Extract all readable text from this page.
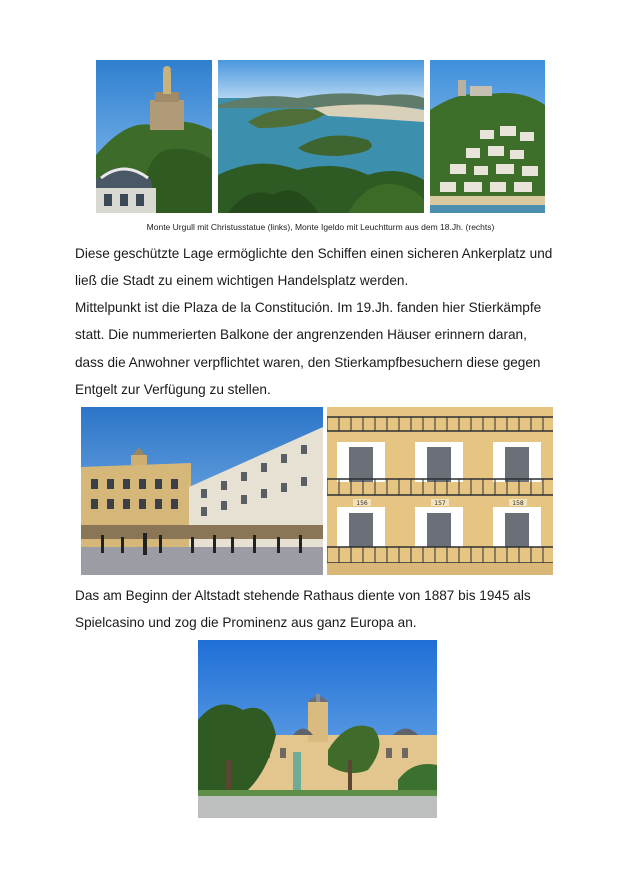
Monte Urgull mit Christusstatue (links), Monte Igeldo mit Leuchtturm aus dem 18.Jh. (rechts)
Diese geschützte Lage ermöglichte den Schiffen einen sicheren Ankerplatz und
ließ die Stadt zu einem wichtigen Handelsplatz werden.
Mittelpunkt ist die Plaza de la Constitución. Im 19.Jh. fanden hier Stierkämpfe
statt. Die nummerierten Balkone der angrenzenden Häuser erinnern daran,
dass die Anwohner verpflichtet waren, den Stierkampfbesuchern diese gegen
Entgelt zur Verfügung zu stellen.
156	157	158
Das am Beginn der Altstadt stehende Rathaus diente von 1887 bis 1945 als
Spielcasino und zog die Prominenz aus ganz Europa an.
